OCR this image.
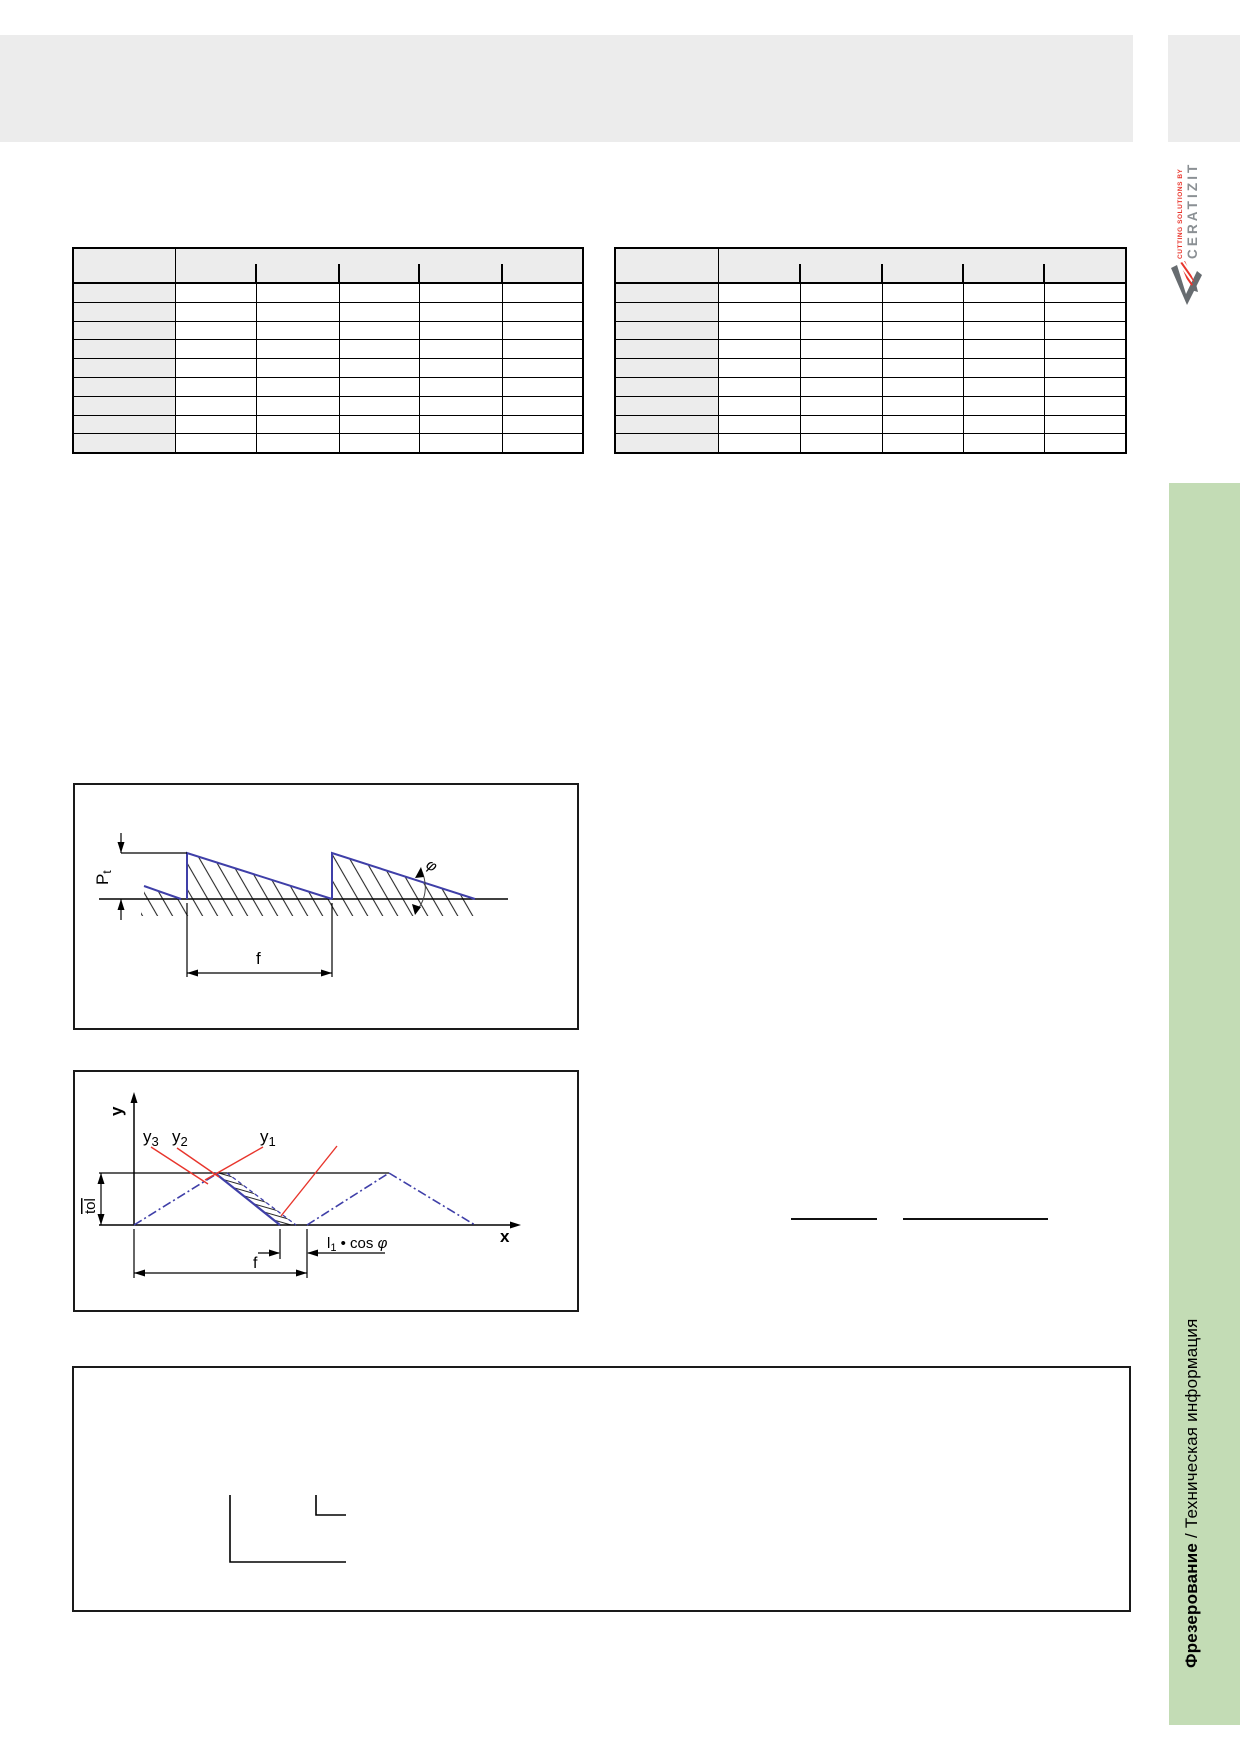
CUTTING SOLUTIONS BY CERATIZIT

Pt
f
φ
y
x
tol
$y_3$ $y_2$	$y_1$
f
$l_1$ • cos φ
Фрезерование / Техническая информация
